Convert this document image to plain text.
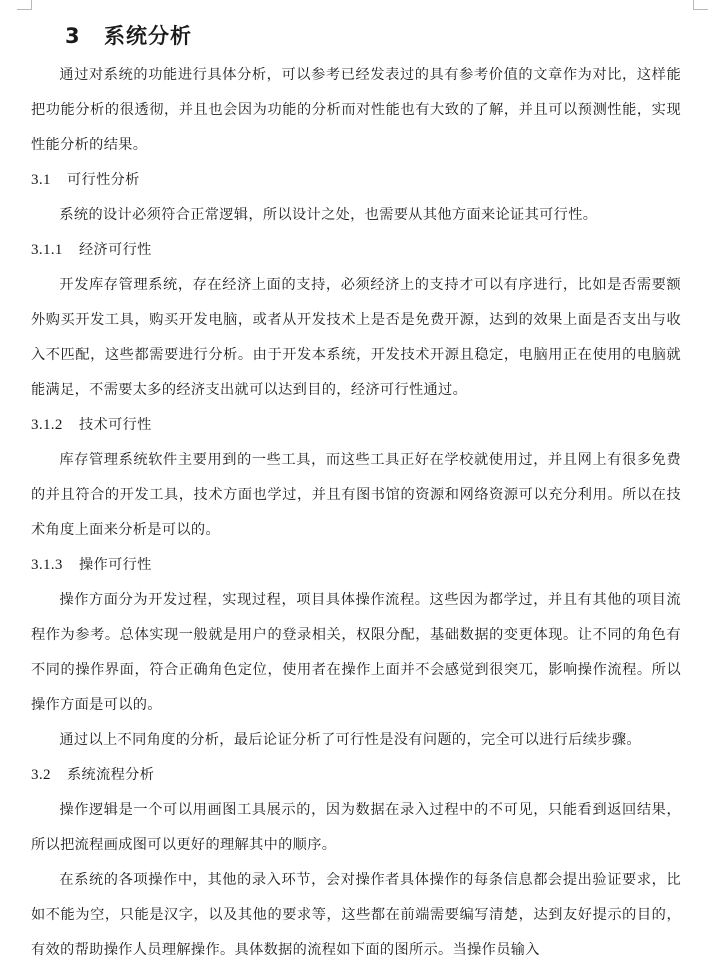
3 系统分析
通过对系统的功能进行具体分析，可以参考已经发表过的具有参考价值的文章作为对比，这样能把功能分析的很透彻，并且也会因为功能的分析而对性能也有大致的了解，并且可以预测性能，实现性能分析的结果。
3.1 可行性分析
系统的设计必须符合正常逻辑，所以设计之处，也需要从其他方面来论证其可行性。
3.1.1 经济可行性
开发库存管理系统，存在经济上面的支持，必须经济上的支持才可以有序进行，比如是否需要额外购买开发工具，购买开发电脑，或者从开发技术上是否是免费开源，达到的效果上面是否支出与收入不匹配，这些都需要进行分析。由于开发本系统，开发技术开源且稳定，电脑用正在使用的电脑就能满足，不需要太多的经济支出就可以达到目的，经济可行性通过。
3.1.2 技术可行性
库存管理系统软件主要用到的一些工具，而这些工具正好在学校就使用过，并且网上有很多免费的并且符合的开发工具，技术方面也学过，并且有图书馆的资源和网络资源可以充分利用。所以在技术角度上面来分析是可以的。
3.1.3 操作可行性
操作方面分为开发过程，实现过程，项目具体操作流程。这些因为都学过，并且有其他的项目流程作为参考。总体实现一般就是用户的登录相关，权限分配，基础数据的变更体现。让不同的角色有不同的操作界面，符合正确角色定位，使用者在操作上面并不会感觉到很突兀，影响操作流程。所以操作方面是可以的。
通过以上不同角度的分析，最后论证分析了可行性是没有问题的，完全可以进行后续步骤。
3.2 系统流程分析
操作逻辑是一个可以用画图工具展示的，因为数据在录入过程中的不可见，只能看到返回结果，所以把流程画成图可以更好的理解其中的顺序。
在系统的各项操作中，其他的录入环节，会对操作者具体操作的每条信息都会提出验证要求，比如不能为空，只能是汉字，以及其他的要求等，这些都在前端需要编写清楚，达到友好提示的目的，有效的帮助操作人员理解操作。具体数据的流程如下面的图所示。当操作员输入
